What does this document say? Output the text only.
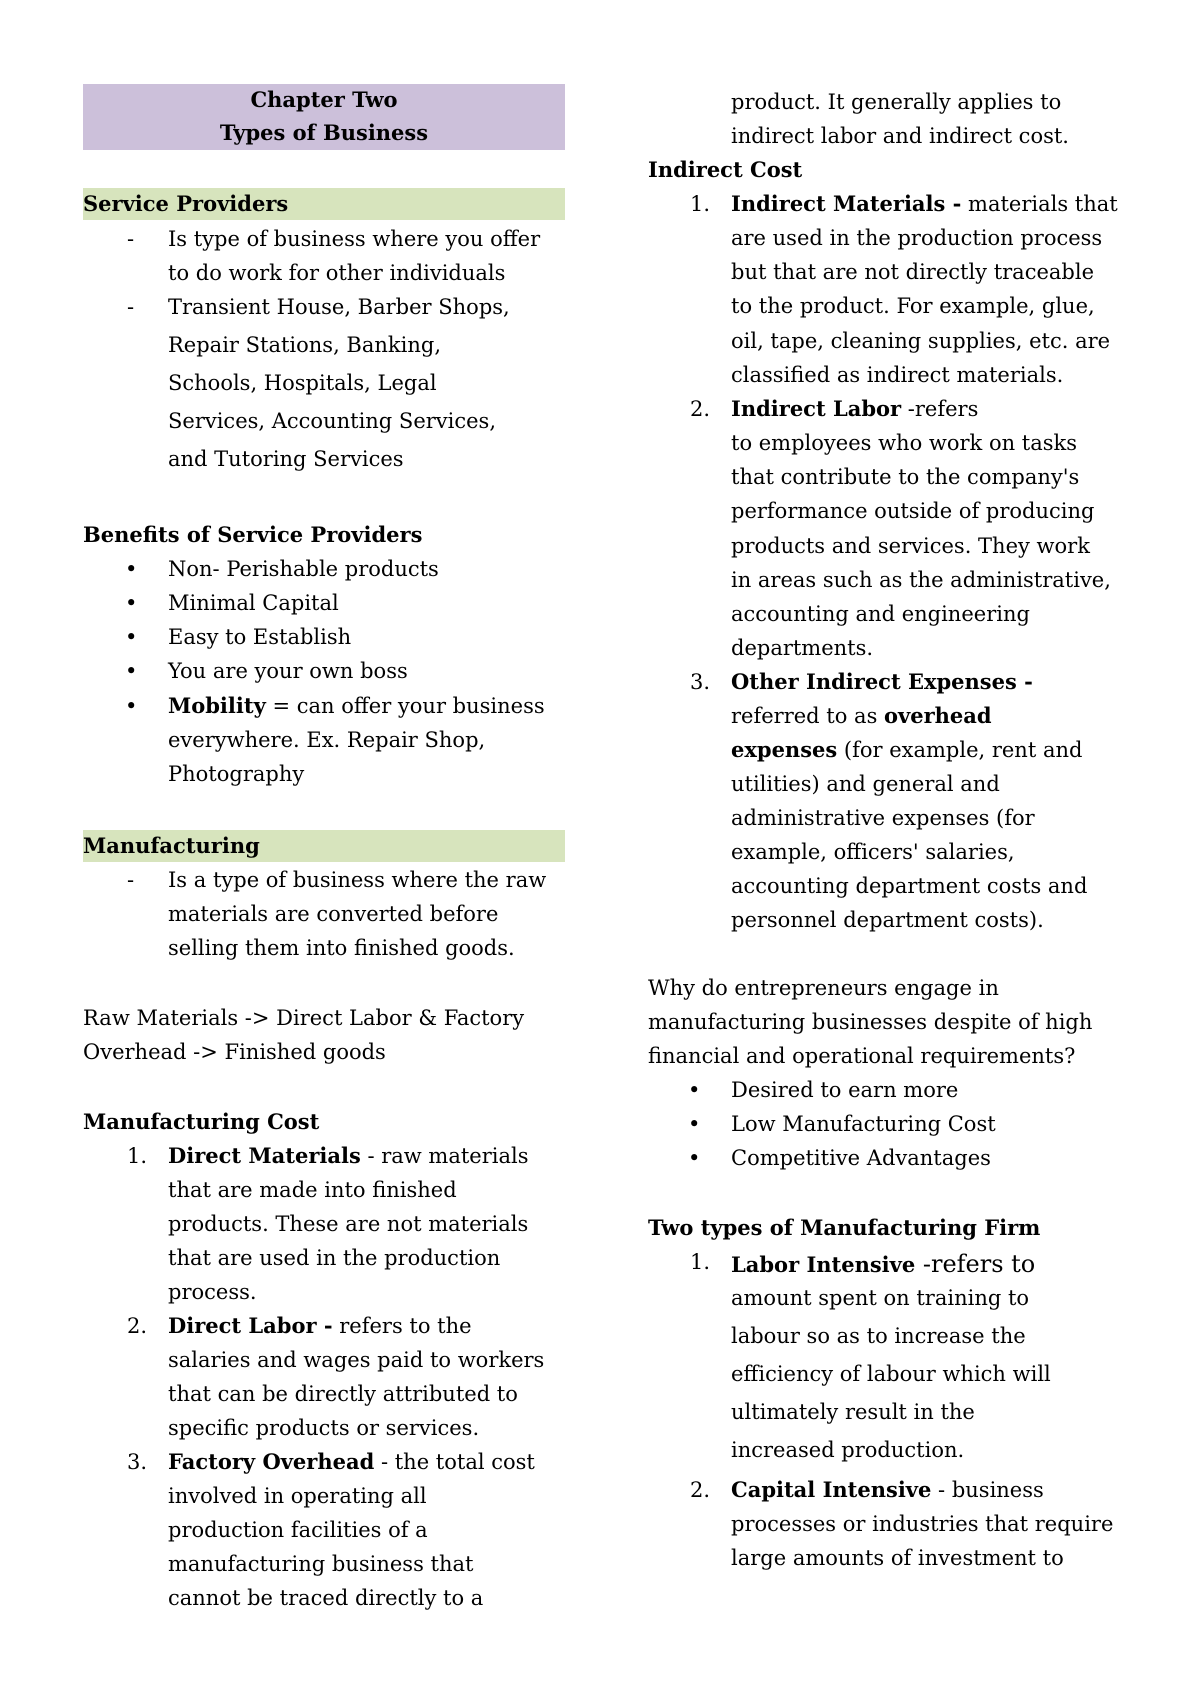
Chapter Two
Types of Business
Service Providers
- Is type of business where you offer
to do work for other individuals
- Transient House, Barber Shops,
Repair Stations, Banking,
Schools, Hospitals, Legal
Services, Accounting Services,
and Tutoring Services
Benefits of Service Providers
• Non- Perishable products
• Minimal Capital
• Easy to Establish
• You are your own boss
• Mobility = can offer your business
everywhere. Ex. Repair Shop,
Photography
Manufacturing
- Is a type of business where the raw
materials are converted before
selling them into finished goods.
Raw Materials -> Direct Labor & Factory
Overhead -> Finished goods
Manufacturing Cost
1. Direct Materials - raw materials
that are made into finished
products. These are not materials
that are used in the production
process.
2. Direct Labor - refers to the
salaries and wages paid to workers
that can be directly attributed to
specific products or services.
3. Factory Overhead - the total cost
involved in operating all
production facilities of a
manufacturing business that
cannot be traced directly to a
product. It generally applies to
indirect labor and indirect cost.
Indirect Cost
1. Indirect Materials - materials that
are used in the production process
but that are not directly traceable
to the product. For example, glue,
oil, tape, cleaning supplies, etc. are
classified as indirect materials.
2. Indirect Labor -refers
to employees who work on tasks
that contribute to the company's
performance outside of producing
products and services. They work
in areas such as the administrative,
accounting and engineering
departments.
3. Other Indirect Expenses -
referred to as overhead
expenses (for example, rent and
utilities) and general and
administrative expenses (for
example, officers' salaries,
accounting department costs and
personnel department costs).
Why do entrepreneurs engage in
manufacturing businesses despite of high
financial and operational requirements?
• Desired to earn more
• Low Manufacturing Cost
• Competitive Advantages
Two types of Manufacturing Firm
1. Labor Intensive -refers to
amount spent on training to
labour so as to increase the
efficiency of labour which will
ultimately result in the
increased production.
2. Capital Intensive - business
processes or industries that require
large amounts of investment to
